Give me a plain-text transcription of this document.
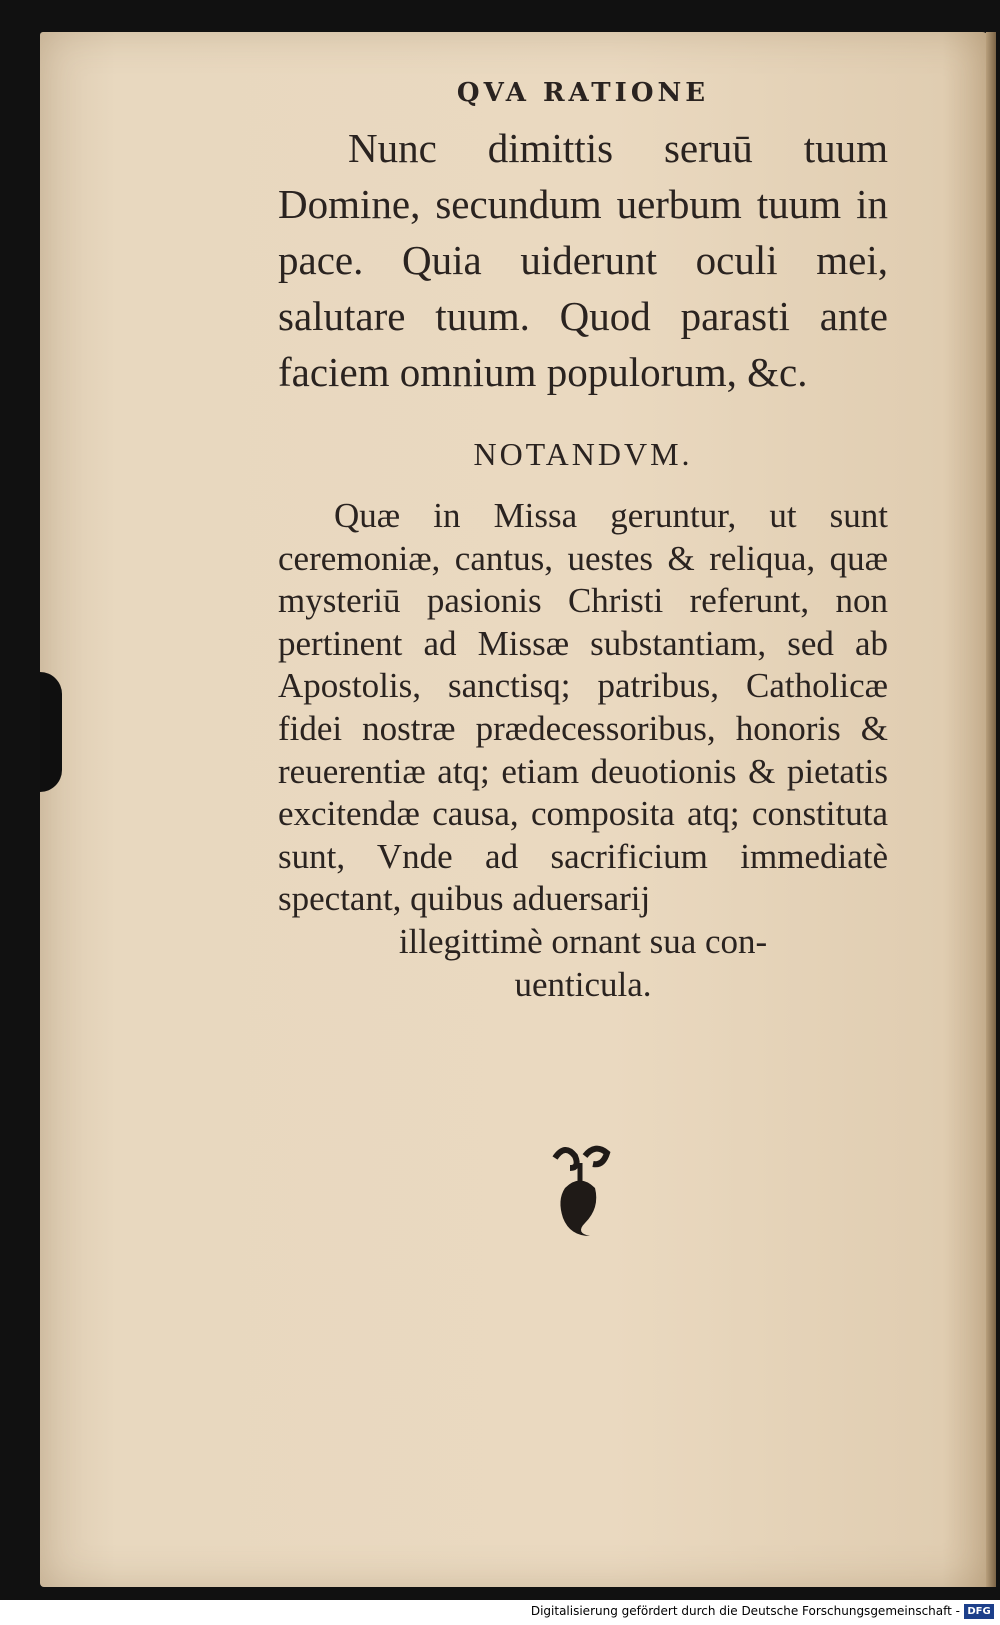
QVA RATIONE
Nunc dimittis seruū tuum Domine, secundum uerbum tuum in pace. Quia uiderunt oculi mei, salutare tuum. Quod parasti ante faciem omnium populorum, &c.
NOTANDVM.
Quæ in Missa geruntur, ut sunt ceremoniæ, cantus, uestes & reliqua, quæ mysteriū pasionis Christi referunt, non pertinent ad Missæ substantiam, sed ab Apostolis, sanctisq; patribus, Catholicæ fidei nostræ prædecessoribus, honoris & reuerentiæ atq; etiam deuotionis & pietatis excitendæ causa, composita atq; constituta sunt, Vnde ad sacrificium immediatè spectant, quibus aduersarij
illegittimè ornant sua con-
uenticula.
Digitalisierung gefördert durch die Deutsche Forschungsgemeinschaft - DFG
